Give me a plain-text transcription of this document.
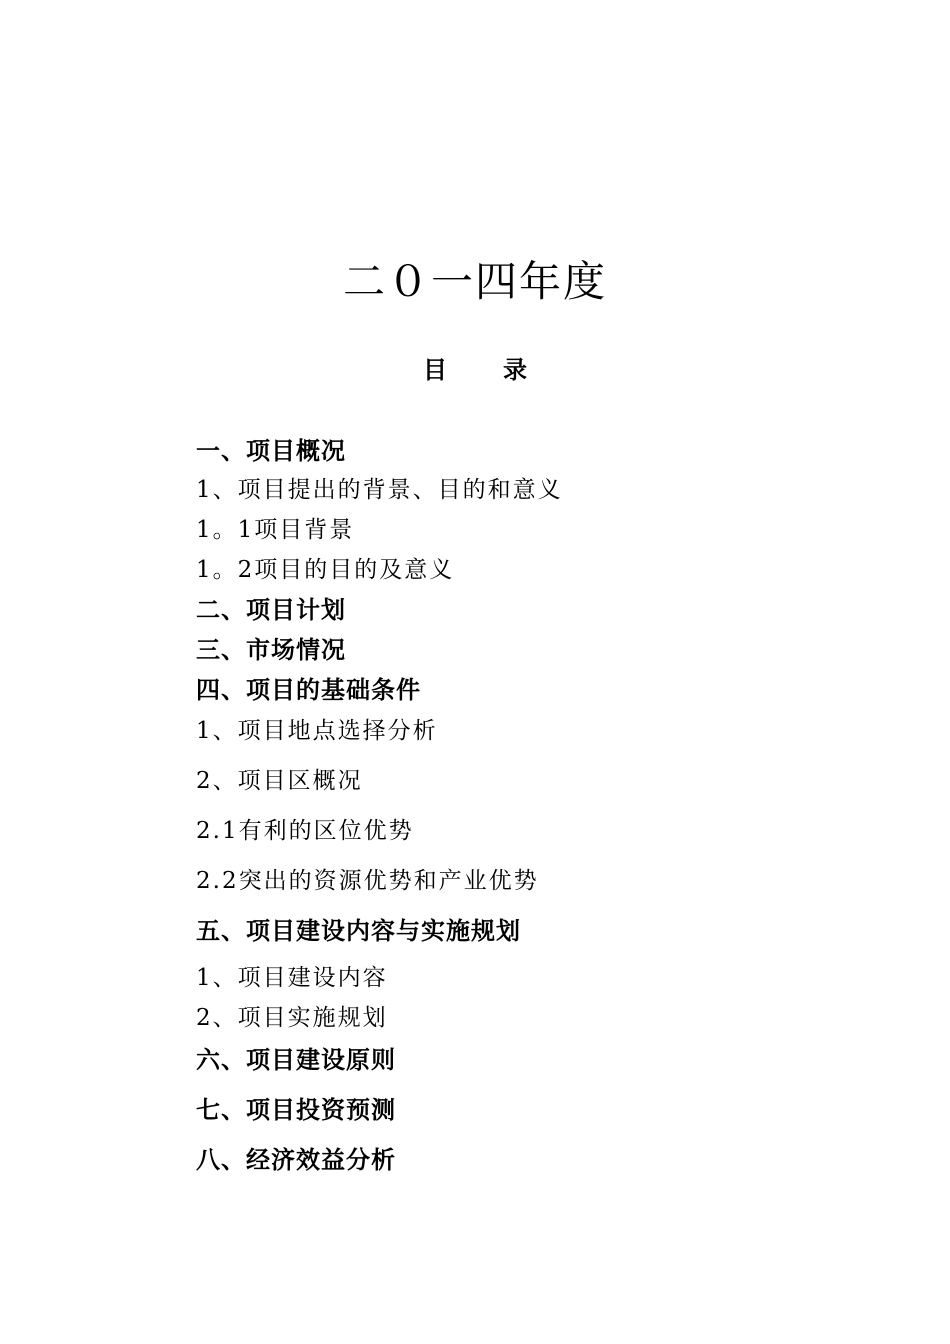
二０一四年度
目 录
一、项目概况
1、项目提出的背景、目的和意义
1。1项目背景
1。2项目的目的及意义
二、项目计划
三、市场情况
四、项目的基础条件
1、项目地点选择分析
2、项目区概况
2.1有利的区位优势
2.2突出的资源优势和产业优势
五、项目建设内容与实施规划
1、项目建设内容
2、项目实施规划
六、项目建设原则
七、项目投资预测
八、经济效益分析
